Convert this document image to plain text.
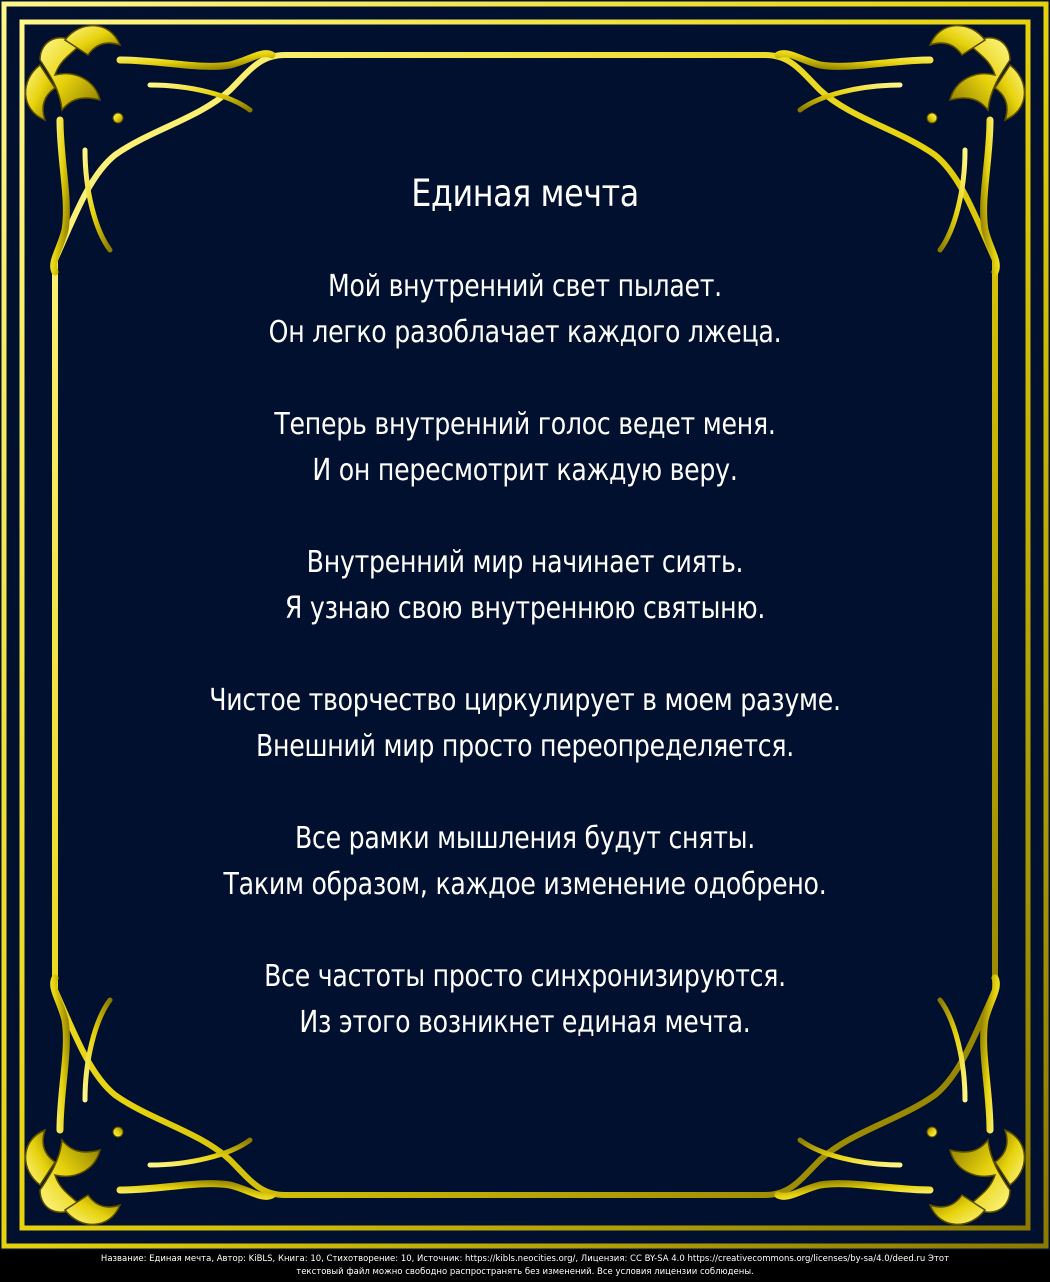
Единая мечта
Мой внутренний свет пылает.
Он легко разоблачает каждого лжеца.
Теперь внутренний голос ведет меня.
И он пересмотрит каждую веру.
Внутренний мир начинает сиять.
Я узнаю свою внутреннюю святыню.
Чистое творчество циркулирует в моем разуме.
Внешний мир просто переопределяется.
Все рамки мышления будут сняты.
Таким образом, каждое изменение одобрено.
Все частоты просто синхронизируются.
Из этого возникнет единая мечта.
Название: Единая мечта, Автор: KiBLS, Книга: 10, Стихотворение: 10, Источник: https://kibls.neocities.org/, Лицензия: CC BY-SA 4.0 https://creativecommons.org/licenses/by-sa/4.0/deed.ru Этот
текстовый файл можно свободно распространять без изменений. Все условия лицензии соблюдены.
